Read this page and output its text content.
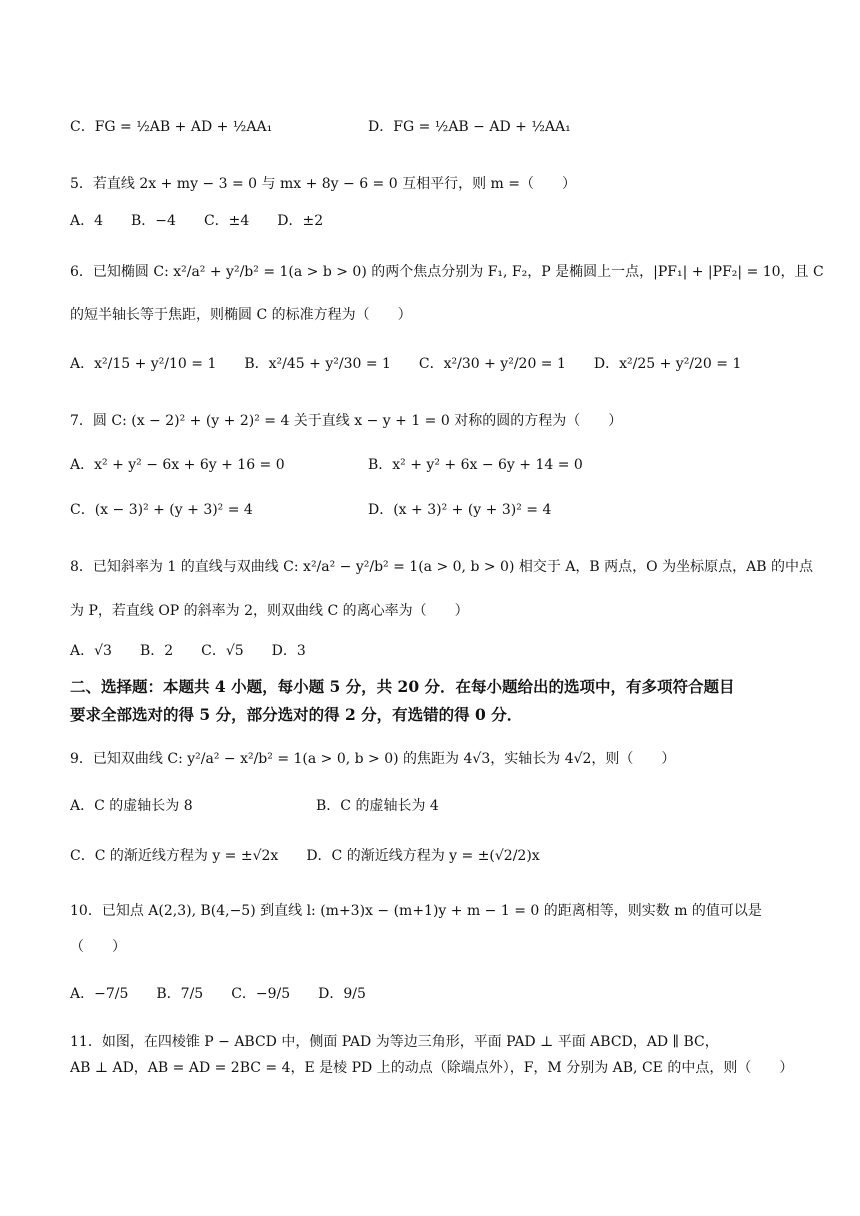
C．FG = ½AB + AD + ½AA₁	D．FG = ½AB − AD + ½AA₁
5．若直线 2x + my − 3 = 0 与 mx + 8y − 6 = 0 互相平行，则 m =（　　）
A．4　　B．−4　　C．±4　　D．±2
6．已知椭圆 C: x²/a² + y²/b² = 1(a > b > 0) 的两个焦点分别为 F₁, F₂，P 是椭圆上一点，|PF₁| + |PF₂| = 10，且 C
的短半轴长等于焦距，则椭圆 C 的标准方程为（　　）
A．x²/15 + y²/10 = 1　　B．x²/45 + y²/30 = 1　　C．x²/30 + y²/20 = 1　　D．x²/25 + y²/20 = 1
7．圆 C: (x − 2)² + (y + 2)² = 4 关于直线 x − y + 1 = 0 对称的圆的方程为（　　）
A．x² + y² − 6x + 6y + 16 = 0	B．x² + y² + 6x − 6y + 14 = 0
C．(x − 3)² + (y + 3)² = 4	D．(x + 3)² + (y + 3)² = 4
8．已知斜率为 1 的直线与双曲线 C: x²/a² − y²/b² = 1(a > 0, b > 0) 相交于 A，B 两点，O 为坐标原点，AB 的中点
为 P，若直线 OP 的斜率为 2，则双曲线 C 的离心率为（　　）
A．√3　　B．2　　C．√5　　D．3
二、选择题：本题共 4 小题，每小题 5 分，共 20 分．在每小题给出的选项中，有多项符合题目
要求全部选对的得 5 分，部分选对的得 2 分，有选错的得 0 分．
9．已知双曲线 C: y²/a² − x²/b² = 1(a > 0, b > 0) 的焦距为 4√3，实轴长为 4√2，则（　　）
A．C 的虚轴长为 8	B．C 的虚轴长为 4
C．C 的渐近线方程为 y = ±√2x　　D．C 的渐近线方程为 y = ±(√2/2)x
10．已知点 A(2,3), B(4,−5) 到直线 l: (m+3)x − (m+1)y + m − 1 = 0 的距离相等，则实数 m 的值可以是
（　　）
A．−7/5　　B．7/5　　C．−9/5　　D．9/5
11．如图，在四棱锥 P − ABCD 中，侧面 PAD 为等边三角形，平面 PAD ⊥ 平面 ABCD，AD ∥ BC，
AB ⊥ AD，AB = AD = 2BC = 4，E 是棱 PD 上的动点（除端点外），F，M 分别为 AB, CE 的中点，则（　　）
